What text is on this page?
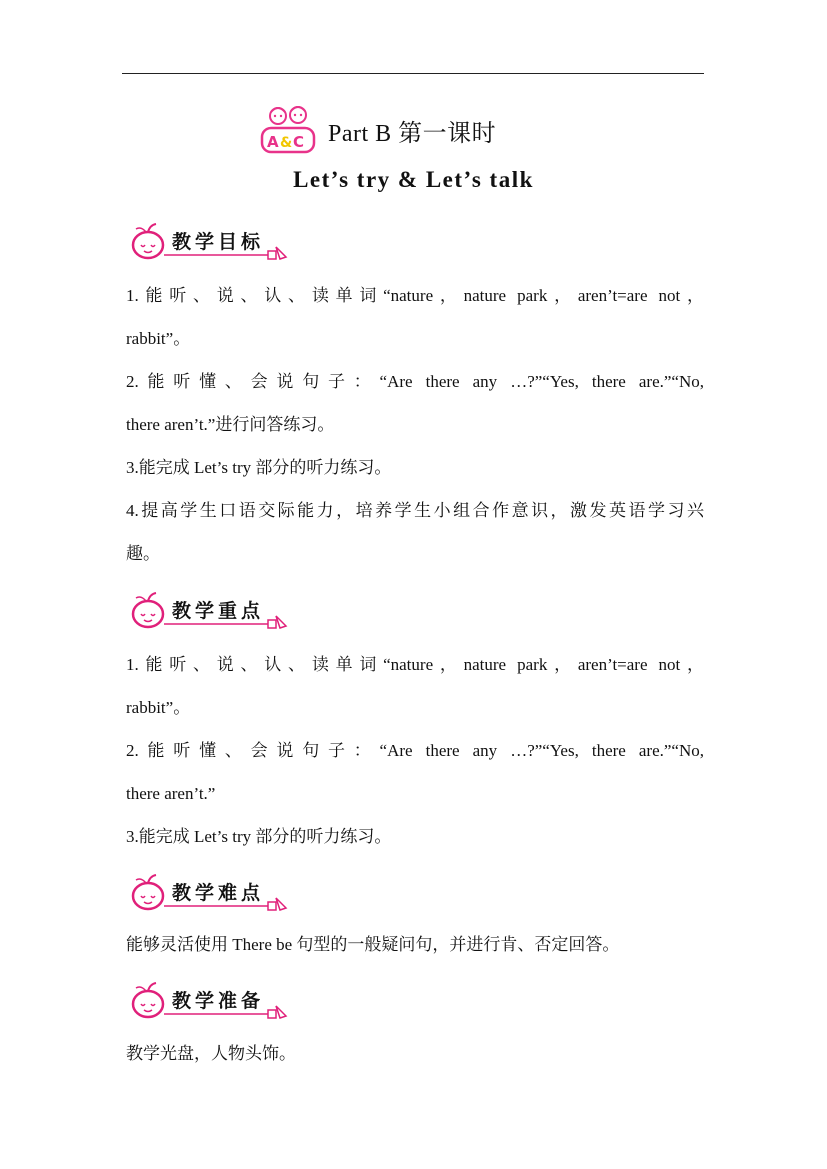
A & C Part B 第一课时
Let’s try & Let’s talk
教学目标
1.能听、说、认、读单词“nature，nature park，aren’t=are not，
rabbit”。
2.能听懂、会说句子：“Are there any …?”“Yes, there are.”“No,
there aren’t.”进行问答练习。
3.能完成 Let’s try 部分的听力练习。
4.提高学生口语交际能力，培养学生小组合作意识，激发英语学习兴
趣。
教学重点
1.能听、说、认、读单词“nature，nature park，aren’t=are not，
rabbit”。
2.能听懂、会说句子：“Are there any …?”“Yes, there are.”“No,
there aren’t.”
3.能完成 Let’s try 部分的听力练习。
教学难点
能够灵活使用 There be 句型的一般疑问句，并进行肯、否定回答。
教学准备
教学光盘，人物头饰。
